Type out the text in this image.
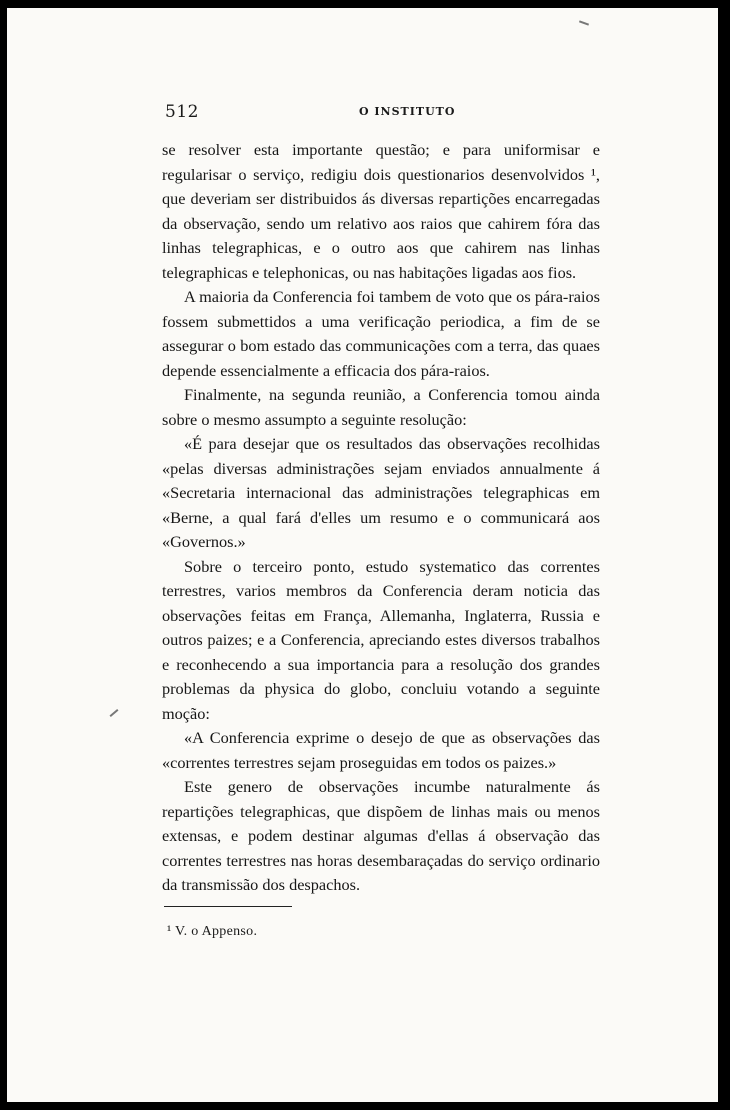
512	O INSTITUTO

se resolver esta importante questão; e para uniformisar e regularisar o serviço, redigiu dois questionarios desenvolvidos ¹, que deveriam ser distribuidos ás diversas repartições encarregadas da observação, sendo um relativo aos raios que cahirem fóra das linhas telegraphicas, e o outro aos que cahirem nas linhas telegraphicas e telephonicas, ou nas habitações ligadas aos fios.

A maioria da Conferencia foi tambem de voto que os pára-raios fossem submettidos a uma verificação periodica, a fim de se assegurar o bom estado das communicações com a terra, das quaes depende essencialmente a efficacia dos pára-raios.

Finalmente, na segunda reunião, a Conferencia tomou ainda sobre o mesmo assumpto a seguinte resolução:

«É para desejar que os resultados das observações recolhidas «pelas diversas administrações sejam enviados annualmente á «Secretaria internacional das administrações telegraphicas em «Berne, a qual fará d'elles um resumo e o communicará aos «Governos.»

Sobre o terceiro ponto, estudo systematico das correntes terrestres, varios membros da Conferencia deram noticia das observações feitas em França, Allemanha, Inglaterra, Russia e outros paizes; e a Conferencia, apreciando estes diversos trabalhos e reconhecendo a sua importancia para a resolução dos grandes problemas da physica do globo, concluiu votando a seguinte moção:

«A Conferencia exprime o desejo de que as observações das «correntes terrestres sejam proseguidas em todos os paizes.»

Este genero de observações incumbe naturalmente ás repartições telegraphicas, que dispõem de linhas mais ou menos extensas, e podem destinar algumas d'ellas á observação das correntes terrestres nas horas desembaraçadas do serviço ordinario da transmissão dos despachos.

¹ V. o Appenso.
